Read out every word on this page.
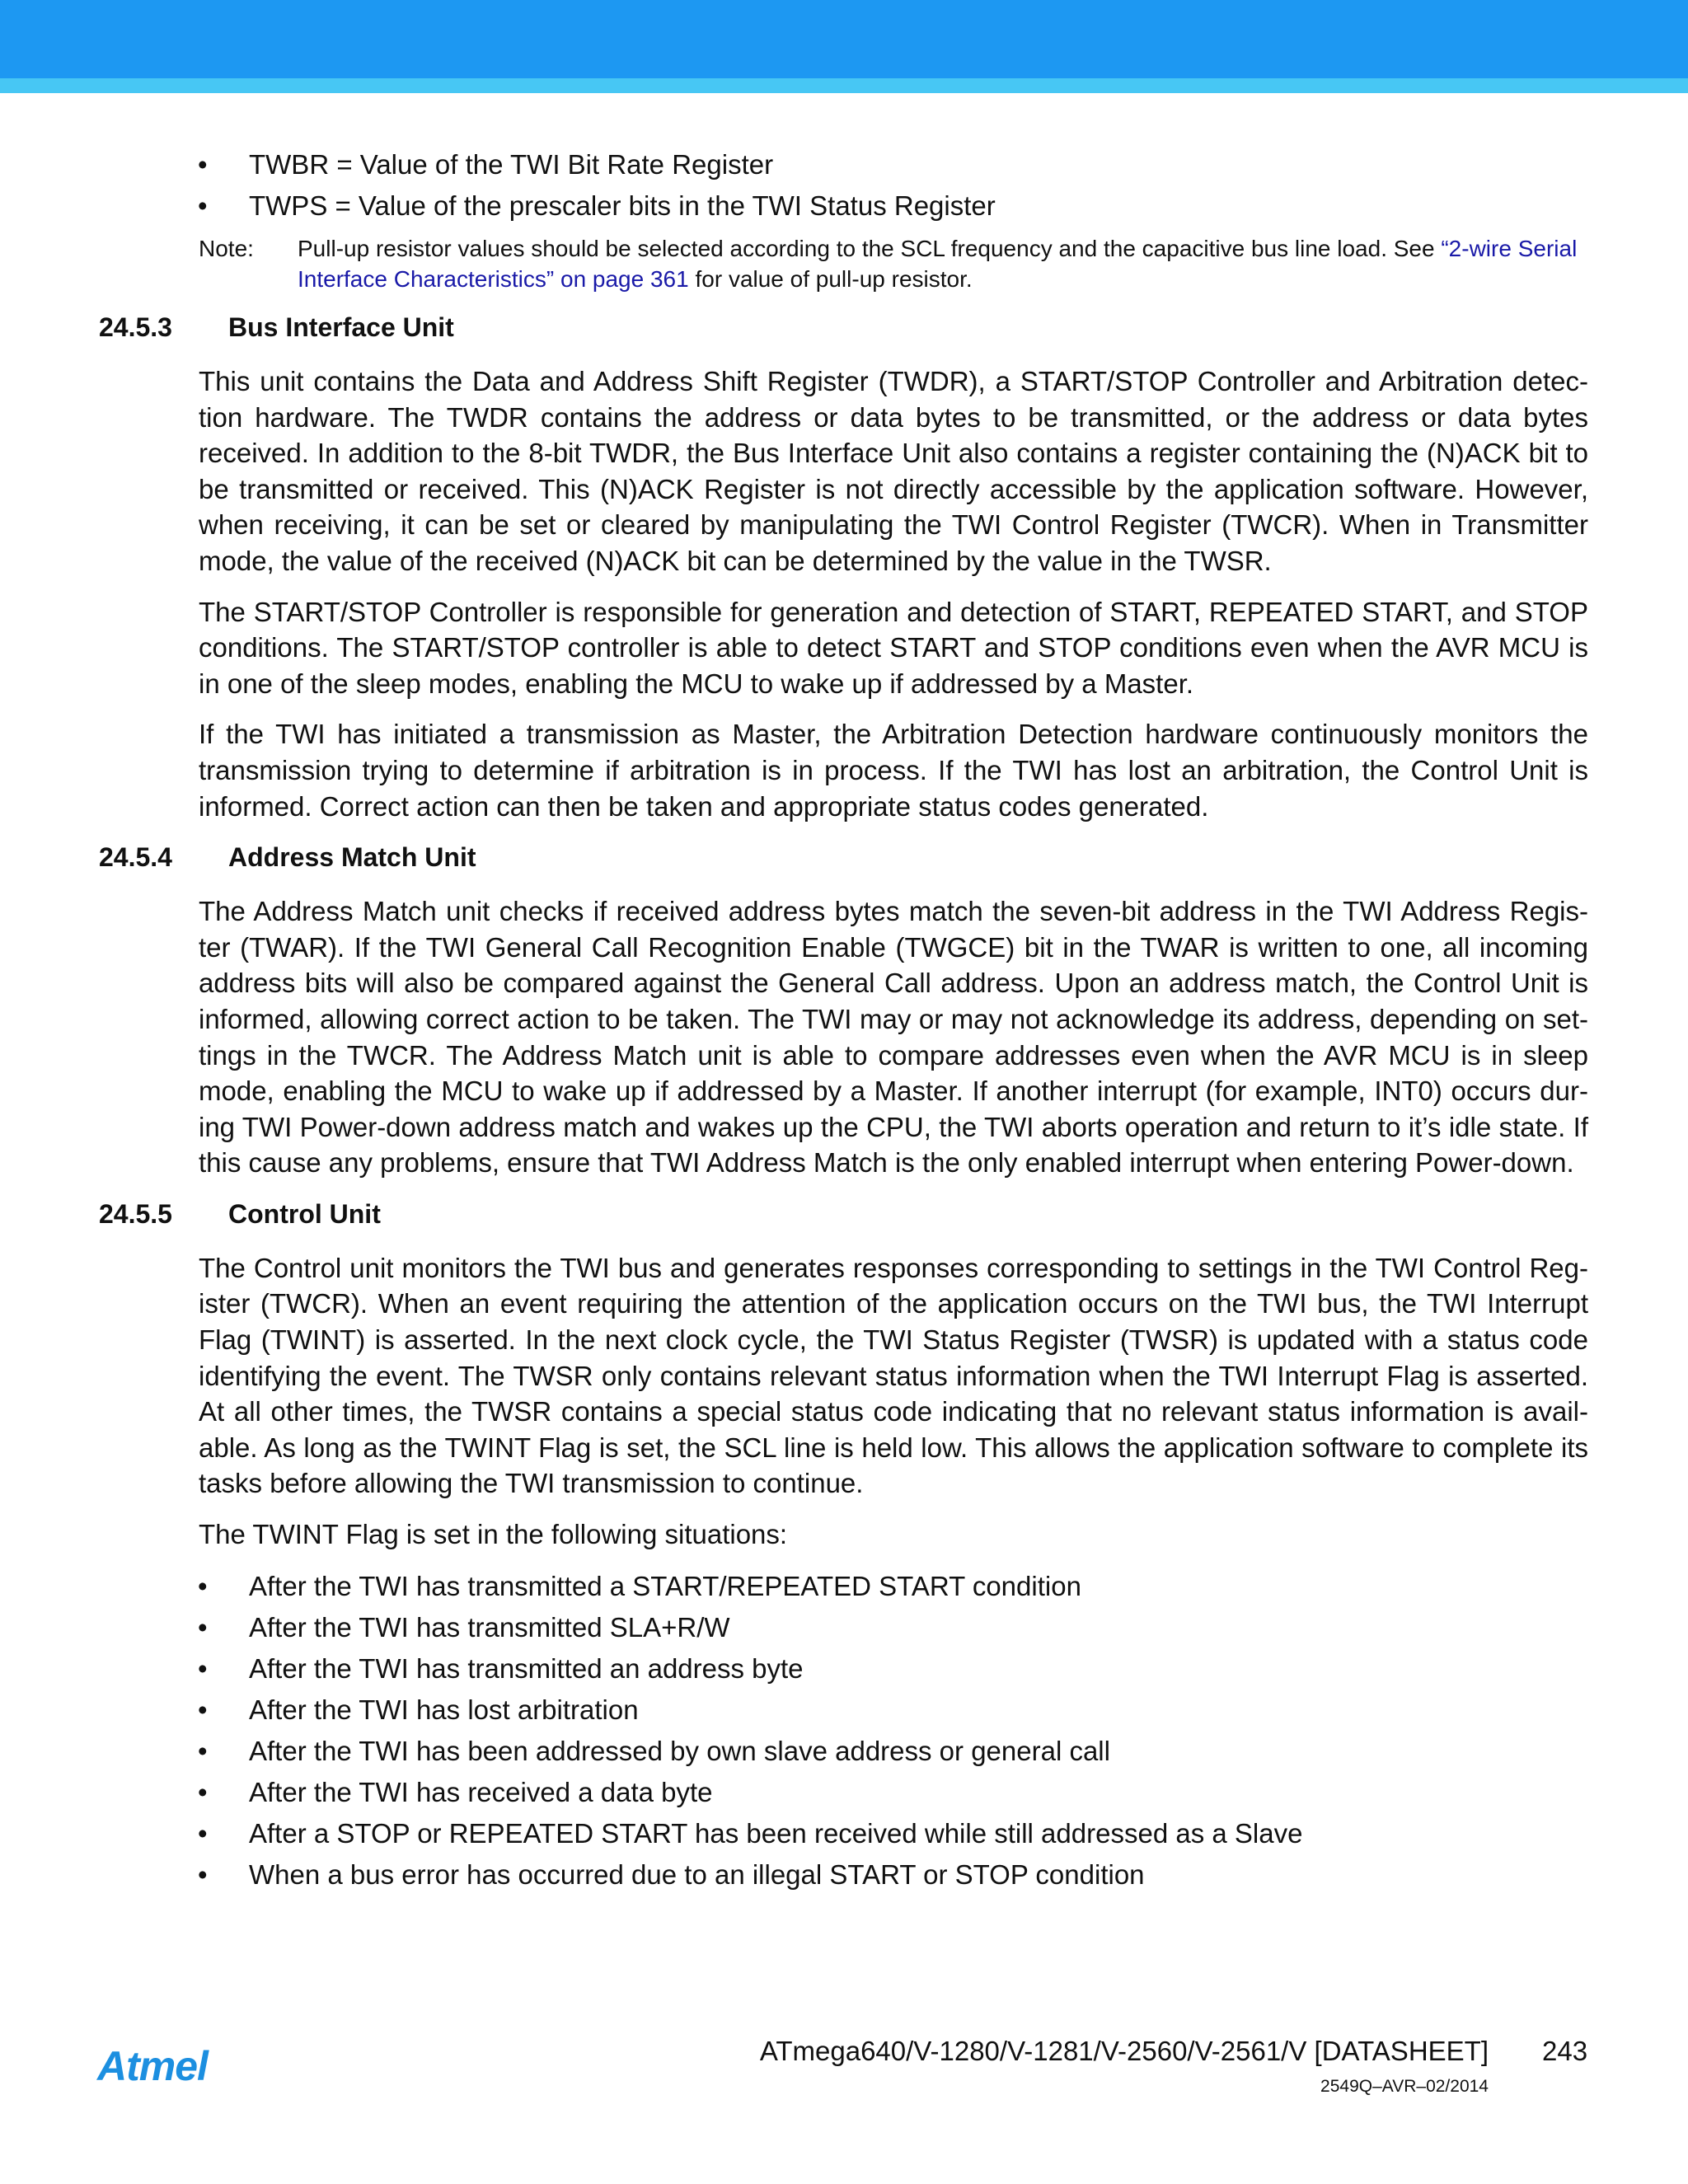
• TWBR = Value of the TWI Bit Rate Register
• TWPS = Value of the prescaler bits in the TWI Status Register
Note:	Pull-up resistor values should be selected according to the SCL frequency and the capacitive bus line load. See “2-wire Serial Interface Characteristics” on page 361 for value of pull-up resistor.
24.5.3 Bus Interface Unit

This unit contains the Data and Address Shift Register (TWDR), a START/STOP Controller and Arbitration detec-tion hardware. The TWDR contains the address or data bytes to be transmitted, or the address or data bytes received. In addition to the 8-bit TWDR, the Bus Interface Unit also contains a register containing the (N)ACK bit to be transmitted or received. This (N)ACK Register is not directly accessible by the application software. However, when receiving, it can be set or cleared by manipulating the TWI Control Register (TWCR). When in Transmitter mode, the value of the received (N)ACK bit can be determined by the value in the TWSR.

The START/STOP Controller is responsible for generation and detection of START, REPEATED START, and STOP conditions. The START/STOP controller is able to detect START and STOP conditions even when the AVR MCU is in one of the sleep modes, enabling the MCU to wake up if addressed by a Master.

If the TWI has initiated a transmission as Master, the Arbitration Detection hardware continuously monitors the transmission trying to determine if arbitration is in process. If the TWI has lost an arbitration, the Control Unit is informed. Correct action can then be taken and appropriate status codes generated.

24.5.4 Address Match Unit

The Address Match unit checks if received address bytes match the seven-bit address in the TWI Address Regis-ter (TWAR). If the TWI General Call Recognition Enable (TWGCE) bit in the TWAR is written to one, all incoming address bits will also be compared against the General Call address. Upon an address match, the Control Unit is informed, allowing correct action to be taken. The TWI may or may not acknowledge its address, depending on set-tings in the TWCR. The Address Match unit is able to compare addresses even when the AVR MCU is in sleep mode, enabling the MCU to wake up if addressed by a Master. If another interrupt (for example, INT0) occurs dur-ing TWI Power-down address match and wakes up the CPU, the TWI aborts operation and return to it’s idle state. If this cause any problems, ensure that TWI Address Match is the only enabled interrupt when entering Power-down.

24.5.5 Control Unit

The Control unit monitors the TWI bus and generates responses corresponding to settings in the TWI Control Reg-ister (TWCR). When an event requiring the attention of the application occurs on the TWI bus, the TWI Interrupt Flag (TWINT) is asserted. In the next clock cycle, the TWI Status Register (TWSR) is updated with a status code identifying the event. The TWSR only contains relevant status information when the TWI Interrupt Flag is asserted. At all other times, the TWSR contains a special status code indicating that no relevant status information is avail-able. As long as the TWINT Flag is set, the SCL line is held low. This allows the application software to complete its tasks before allowing the TWI transmission to continue.

The TWINT Flag is set in the following situations:

• After the TWI has transmitted a START/REPEATED START condition
• After the TWI has transmitted SLA+R/W
• After the TWI has transmitted an address byte
• After the TWI has lost arbitration
• After the TWI has been addressed by own slave address or general call
• After the TWI has received a data byte
• After a STOP or REPEATED START has been received while still addressed as a Slave
• When a bus error has occurred due to an illegal START or STOP condition
Atmel	ATmega640/V-1280/V-1281/V-2560/V-2561/V [DATASHEET] 243
2549Q–AVR–02/2014
